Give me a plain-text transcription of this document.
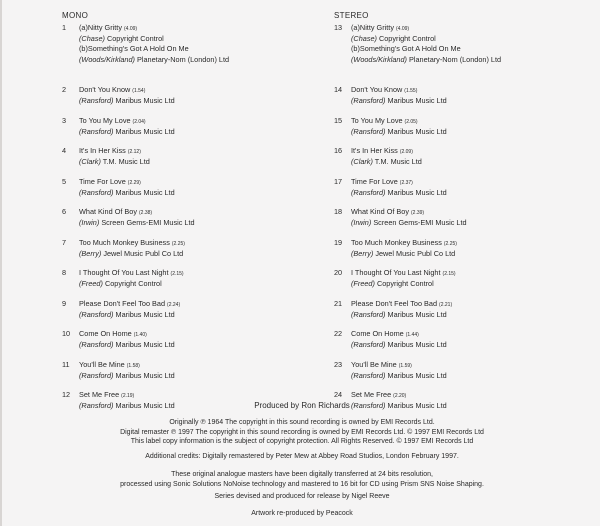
MONO
1	(a)Nitty Gritty (4.09)
(Chase) Copyright Control
(b)Something's Got A Hold On Me
(Woods/Kirkland) Planetary-Nom (London) Ltd
2	Don't You Know (1.54)
(Ransford) Maribus Music Ltd
3	To You My Love (2.04)
(Ransford) Maribus Music Ltd
4	It's In Her Kiss (2.12)
(Clark) T.M. Music Ltd
5	Time For Love (2.29)
(Ransford) Maribus Music Ltd
6	What Kind Of Boy (2.38)
(Irwin) Screen Gems-EMI Music Ltd
7	Too Much Monkey Business (2.25)
(Berry) Jewel Music Publ Co Ltd
8	I Thought Of You Last Night (2.15)
(Freed) Copyright Control
9	Please Don't Feel Too Bad (2.24)
(Ransford) Maribus Music Ltd
10	Come On Home (1.40)
(Ransford) Maribus Music Ltd
11	You'll Be Mine (1.58)
(Ransford) Maribus Music Ltd
12	Set Me Free (2.19)
(Ransford) Maribus Music Ltd
STEREO
13	(a)Nitty Gritty (4.09)
(Chase) Copyright Control
(b)Something's Got A Hold On Me
(Woods/Kirkland) Planetary-Nom (London) Ltd
14	Don't You Know (1.55)
(Ransford) Maribus Music Ltd
15	To You My Love (2.05)
(Ransford) Maribus Music Ltd
16	It's In Her Kiss (2.09)
(Clark) T.M. Music Ltd
17	Time For Love (2.37)
(Ransford) Maribus Music Ltd
18	What Kind Of Boy (2.39)
(Irwin) Screen Gems-EMI Music Ltd
19	Too Much Monkey Business (2.25)
(Berry) Jewel Music Publ Co Ltd
20	I Thought Of You Last Night (2.15)
(Freed) Copyright Control
21	Please Don't Feel Too Bad (2.21)
(Ransford) Maribus Music Ltd
22	Come On Home (1.44)
(Ransford) Maribus Music Ltd
23	You'll Be Mine (1.59)
(Ransford) Maribus Music Ltd
24	Set Me Free (2.20)
(Ransford) Maribus Music Ltd
Produced by Ron Richards
Originally ℗ 1964 The copyright in this sound recording is owned by EMI Records Ltd.
Digital remaster ℗ 1997 The copyright in this sound recording is owned by EMI Records Ltd. © 1997 EMI Records Ltd
This label copy information is the subject of copyright protection. All Rights Reserved. © 1997 EMI Records Ltd
Additional credits: Digitally remastered by Peter Mew at Abbey Road Studios, London February 1997.
These original analogue masters have been digitally transferred at 24 bits resolution,
processed using Sonic Solutions NoNoise technology and mastered to 16 bit for CD using Prism SNS Noise Shaping.
Series devised and produced for release by Nigel Reeve
Artwork re-produced by Peacock
